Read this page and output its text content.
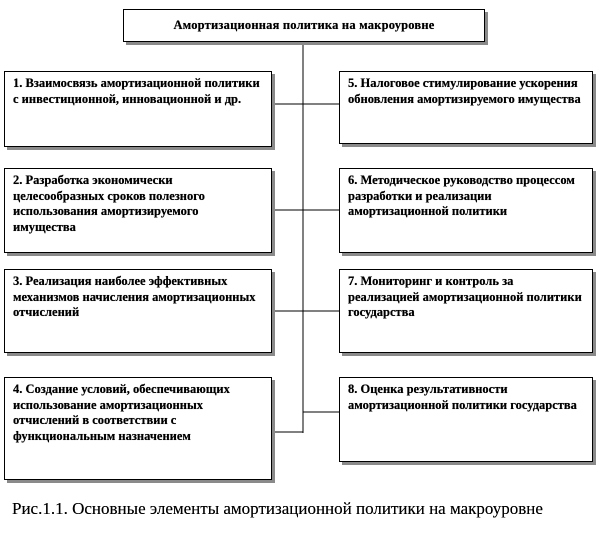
Амортизационная политика на макроуровне
1. Взаимосвязь амортизационной политики с инвестиционной, инновационной и др.
2. Разработка экономически целесообразных сроков полезного использования амортизируемого имущества
3. Реализация наиболее эффективных механизмов начисления амортизационных отчислений
4. Создание условий, обеспечивающих использование амортизационных отчислений в соответствии с функциональным назначением
5. Налоговое стимулирование ускорения обновления амортизируемого имущества
6. Методическое руководство процессом разработки и реализации амортизационной политики
7. Мониторинг и контроль за реализацией амортизационной политики государства
8. Оценка результативности амортизационной политики государства
Рис.1.1. Основные элементы амортизационной политики на макроуровне
